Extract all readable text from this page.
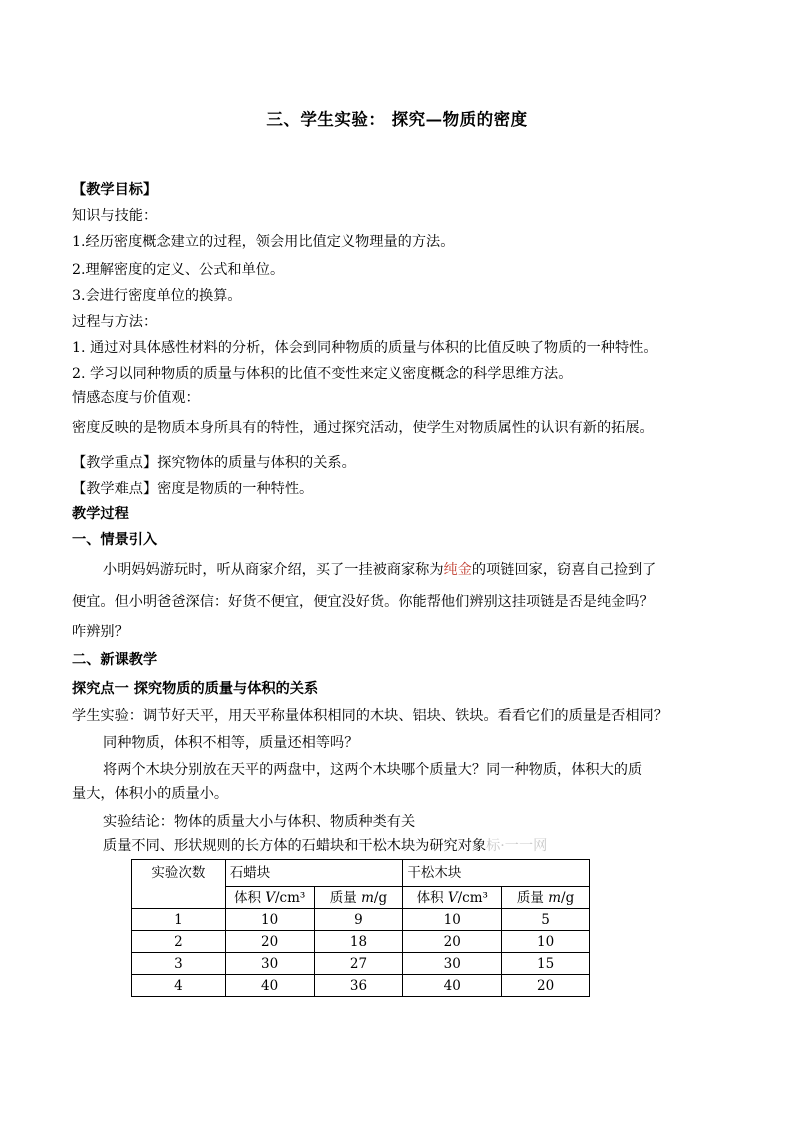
三、学生实验： 探究—物质的密度
【教学目标】
知识与技能：
1.经历密度概念建立的过程，领会用比值定义物理量的方法。
2.理解密度的定义、公式和单位。
3.会进行密度单位的换算。
过程与方法：
1. 通过对具体感性材料的分析，体会到同种物质的质量与体积的比值反映了物质的一种特性。
2. 学习以同种物质的质量与体积的比值不变性来定义密度概念的科学思维方法。
情感态度与价值观：
密度反映的是物质本身所具有的特性，通过探究活动，使学生对物质属性的认识有新的拓展。
【教学重点】探究物体的质量与体积的关系。
【教学难点】密度是物质的一种特性。
教学过程
一、情景引入
小明妈妈游玩时，听从商家介绍，买了一挂被商家称为纯金的项链回家，窃喜自己捡到了
便宜。但小明爸爸深信：好货不便宜，便宜没好货。你能帮他们辨别这挂项链是否是纯金吗？
咋辨别？
二、新课教学
探究点一 探究物质的质量与体积的关系
学生实验：调节好天平，用天平称量体积相同的木块、铝块、铁块。看看它们的质量是否相同？
同种物质，体积不相等，质量还相等吗？
将两个木块分别放在天平的两盘中，这两个木块哪个质量大？同一种物质，体积大的质
量大，体积小的质量小。
实验结论：物体的质量大小与体积、物质种类有关
质量不同、形状规则的长方体的石蜡块和干松木块为研究对象标·一一网
实验次数	石蜡块		干松木块	
	体积 V/cm³	质量 m/g	体积 V/cm³	质量 m/g
1	10	9	10	5
2	20	18	20	10
3	30	27	30	15
4	40	36	40	20
